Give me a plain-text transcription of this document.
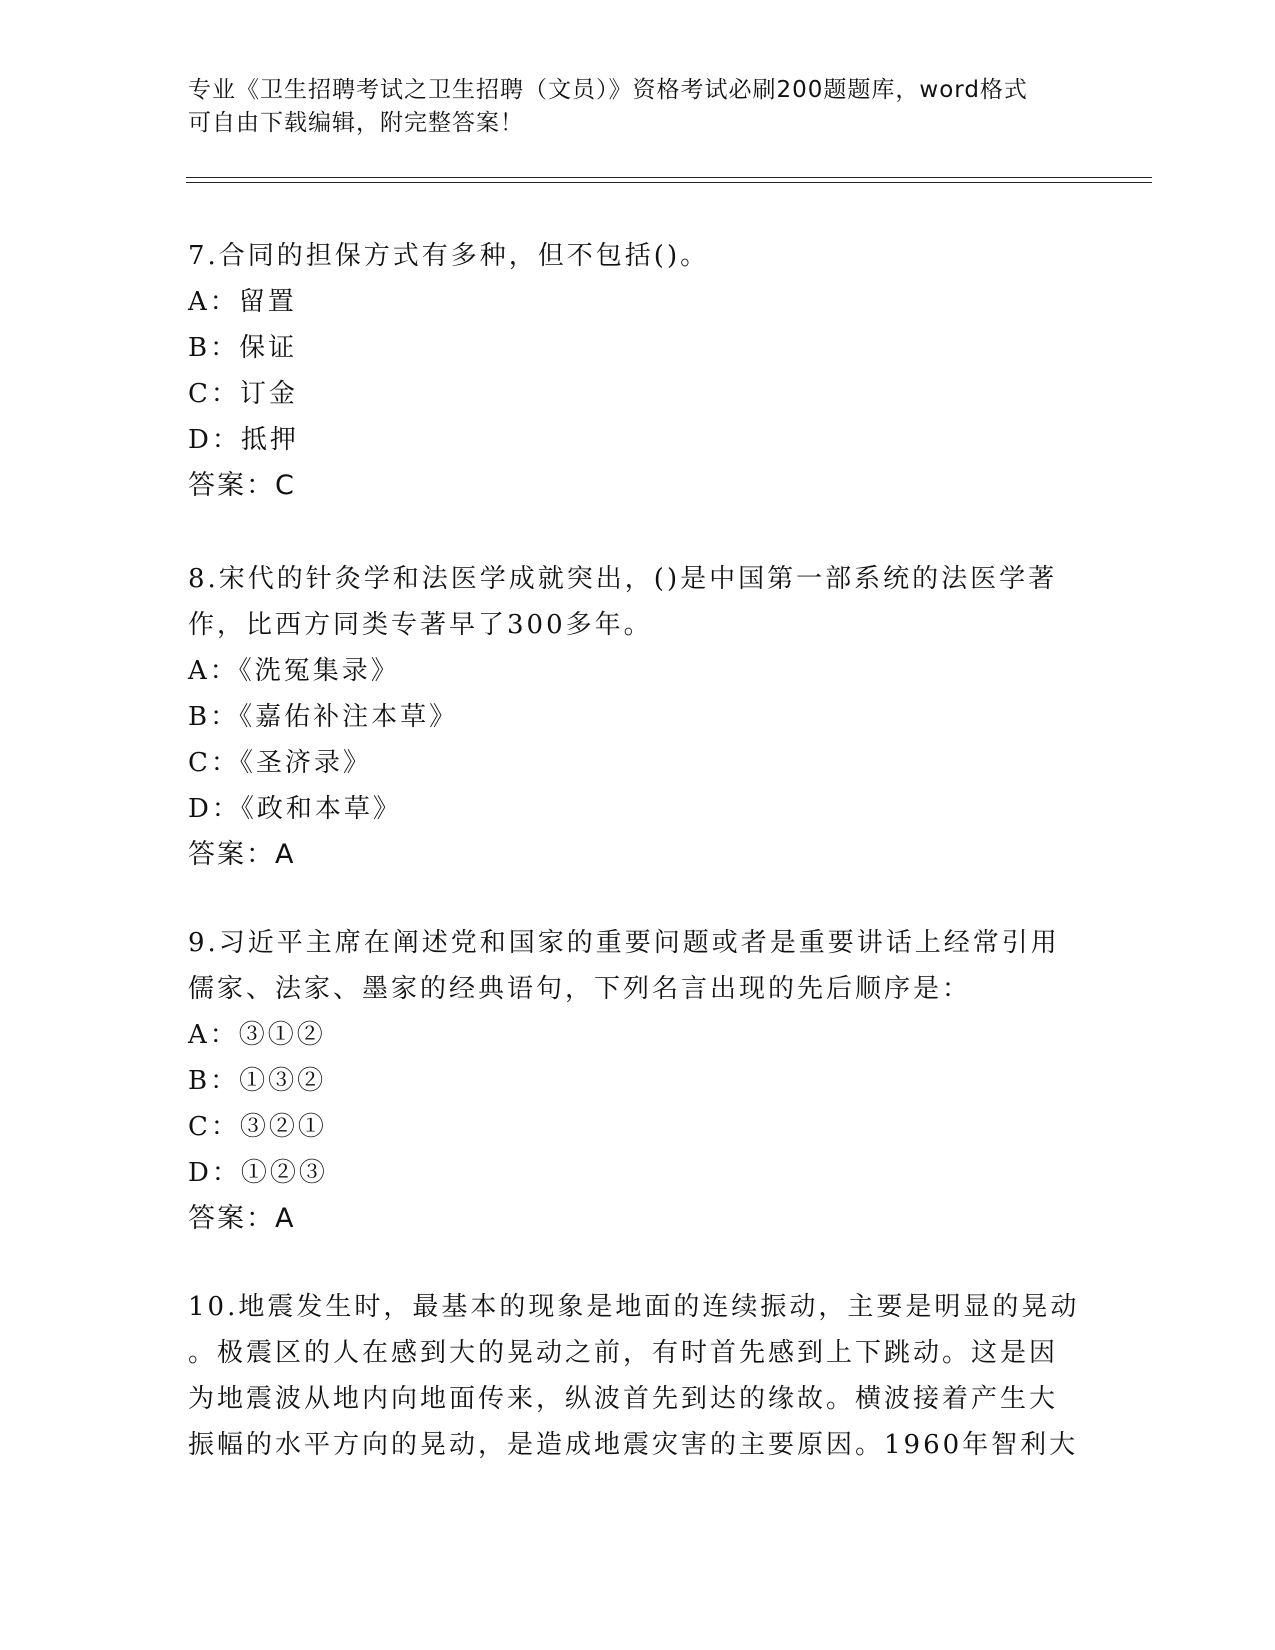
专业《卫生招聘考试之卫生招聘（文员）》资格考试必刷200题题库，word格式
可自由下载编辑，附完整答案！

7.合同的担保方式有多种，但不包括()。

A：留置

B：保证

C：订金

D：抵押

答案：C

8.宋代的针灸学和法医学成就突出，()是中国第一部系统的法医学著

作，比西方同类专著早了300多年。

A：《洗冤集录》

B：《嘉佑补注本草》

C：《圣济录》

D：《政和本草》

答案：A

9.习近平主席在阐述党和国家的重要问题或者是重要讲话上经常引用

儒家、法家、墨家的经典语句，下列名言出现的先后顺序是：

A：③①②

B：①③②

C：③②①

D：①②③

答案：A

10.地震发生时，最基本的现象是地面的连续振动，主要是明显的晃动

。极震区的人在感到大的晃动之前，有时首先感到上下跳动。这是因

为地震波从地内向地面传来，纵波首先到达的缘故。横波接着产生大

振幅的水平方向的晃动，是造成地震灾害的主要原因。1960年智利大
